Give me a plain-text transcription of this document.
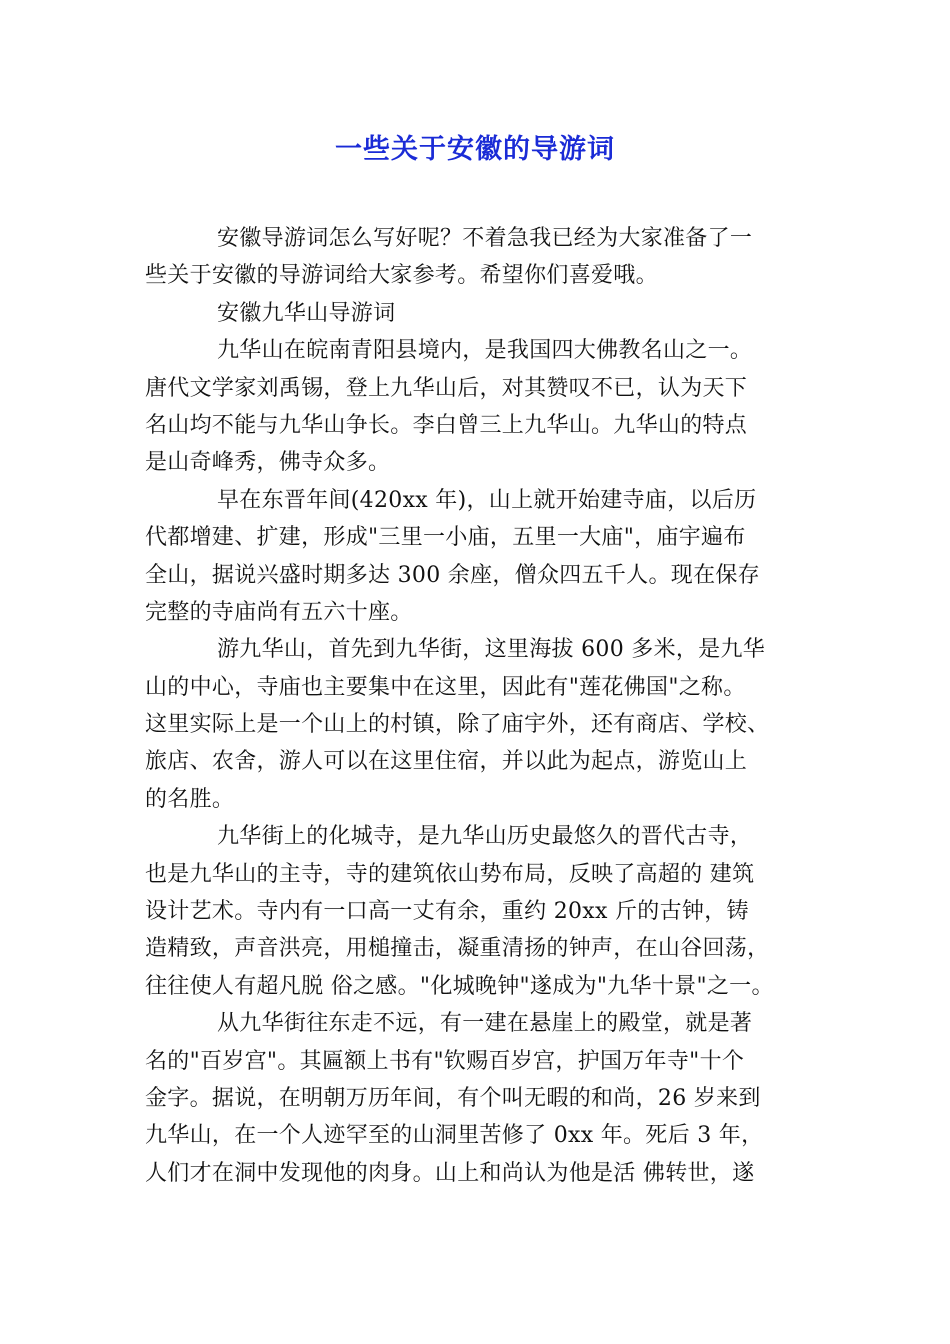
一些关于安徽的导游词
安徽导游词怎么写好呢？不着急我已经为大家准备了一
些关于安徽的导游词给大家参考。希望你们喜爱哦。
安徽九华山导游词
九华山在皖南青阳县境内，是我国四大佛教名山之一。
唐代文学家刘禹锡，登上九华山后，对其赞叹不已，认为天下
名山均不能与九华山争长。李白曾三上九华山。九华山的特点
是山奇峰秀，佛寺众多。
早在东晋年间(420xx 年)，山上就开始建寺庙，以后历
代都增建、扩建，形成"三里一小庙，五里一大庙"，庙宇遍布
全山，据说兴盛时期多达 300 余座，僧众四五千人。现在保存
完整的寺庙尚有五六十座。
游九华山，首先到九华街，这里海拔 600 多米，是九华
山的中心，寺庙也主要集中在这里，因此有"莲花佛国"之称。
这里实际上是一个山上的村镇，除了庙宇外，还有商店、学校、
旅店、农舍，游人可以在这里住宿，并以此为起点，游览山上
的名胜。
九华街上的化城寺，是九华山历史最悠久的晋代古寺，
也是九华山的主寺，寺的建筑依山势布局，反映了高超的 建筑
设计艺术。寺内有一口高一丈有余，重约 20xx 斤的古钟，铸
造精致，声音洪亮，用槌撞击，凝重清扬的钟声，在山谷回荡，
往往使人有超凡脱 俗之感。"化城晚钟"遂成为"九华十景"之一。
从九华街往东走不远，有一建在悬崖上的殿堂，就是著
名的"百岁宫"。其匾额上书有"钦赐百岁宫，护国万年寺"十个
金字。据说，在明朝万历年间，有个叫无暇的和尚，26 岁来到
九华山，在一个人迹罕至的山洞里苦修了 0xx 年。死后 3 年，
人们才在洞中发现他的肉身。山上和尚认为他是活 佛转世，遂
